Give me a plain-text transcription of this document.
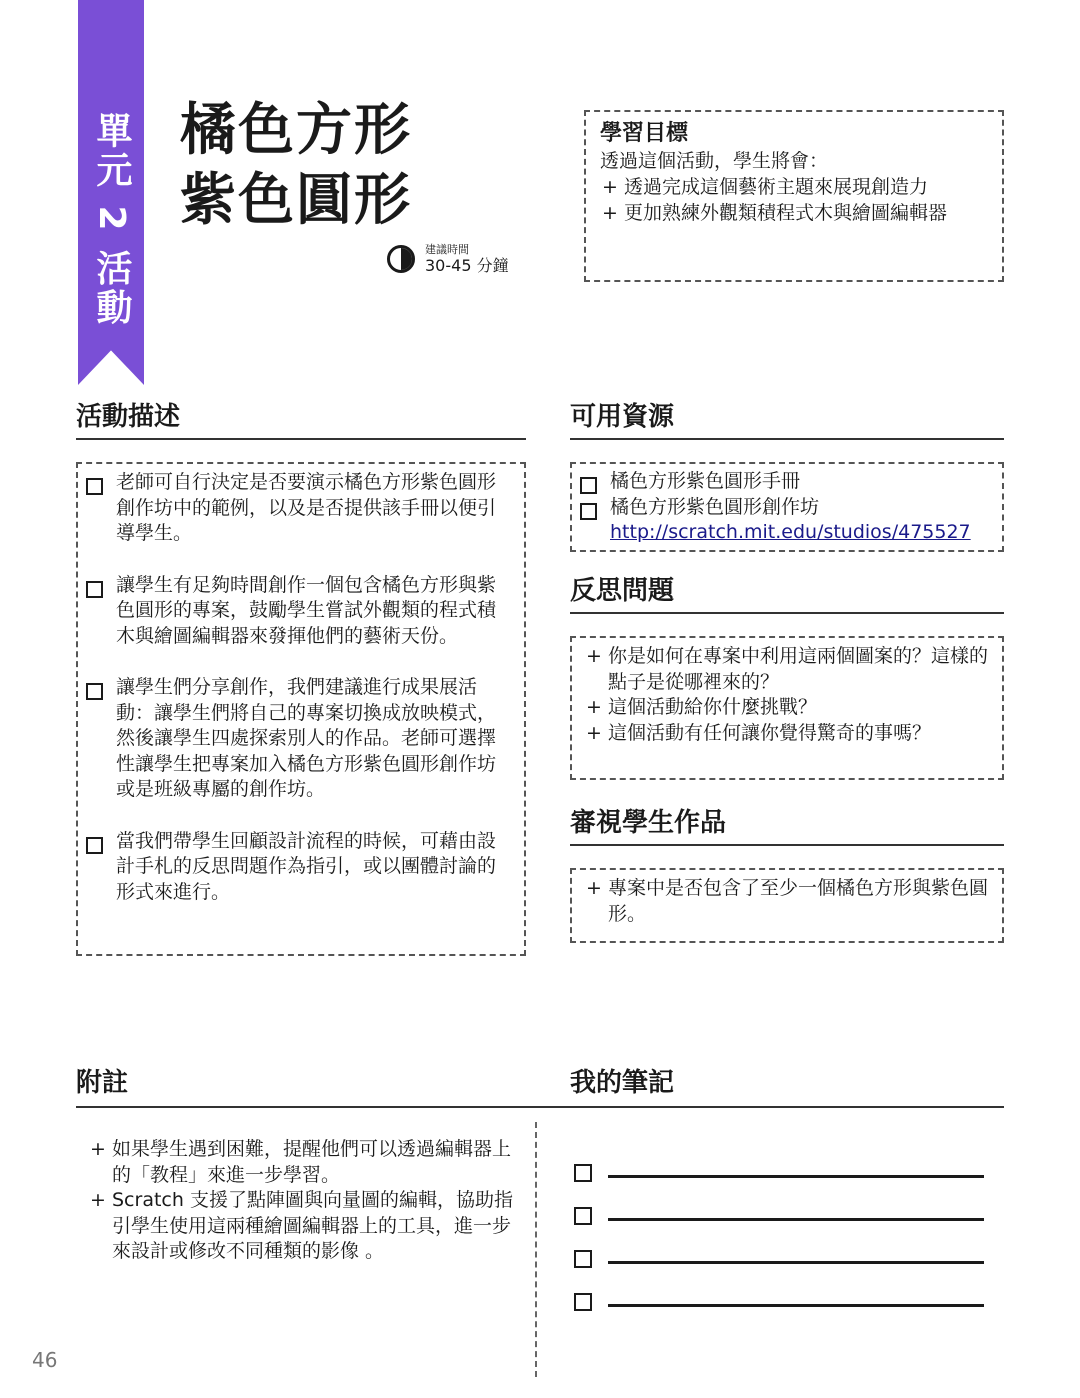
單元 2 活動 橘色方形
紫色圓形
建議時間
30-45 分鐘
學習目標
透過這個活動，學生將會：
+ 透過完成這個藝術主題來展現創造力
+ 更加熟練外觀類積程式木與繪圖編輯器
活動描述
老師可自行決定是否要演示橘色方形紫色圓形創作坊中的範例，以及是否提供該手冊以便引導學生。
讓學生有足夠時間創作一個包含橘色方形與紫色圓形的專案，鼓勵學生嘗試外觀類的程式積木與繪圖編輯器來發揮他們的藝術天份。
讓學生們分享創作，我們建議進行成果展活動：讓學生們將自己的專案切換成放映模式，然後讓學生四處探索別人的作品。老師可選擇性讓學生把專案加入橘色方形紫色圓形創作坊或是班級專屬的創作坊。
當我們帶學生回顧設計流程的時候，可藉由設計手札的反思問題作為指引，或以團體討論的形式來進行。
可用資源
橘色方形紫色圓形手冊
橘色方形紫色圓形創作坊
http://scratch.mit.edu/studios/475527
反思問題
+ 你是如何在專案中利用這兩個圖案的？這樣的點子是從哪裡來的？
+ 這個活動給你什麼挑戰？
+ 這個活動有任何讓你覺得驚奇的事嗎？
審視學生作品
+ 專案中是否包含了至少一個橘色方形與紫色圓形。
附註	我的筆記
+ 如果學生遇到困難，提醒他們可以透過編輯器上的「教程」來進一步學習。
+ Scratch 支援了點陣圖與向量圖的編輯，協助指引學生使用這兩種繪圖編輯器上的工具，進一步來設計或修改不同種類的影像 。
46
